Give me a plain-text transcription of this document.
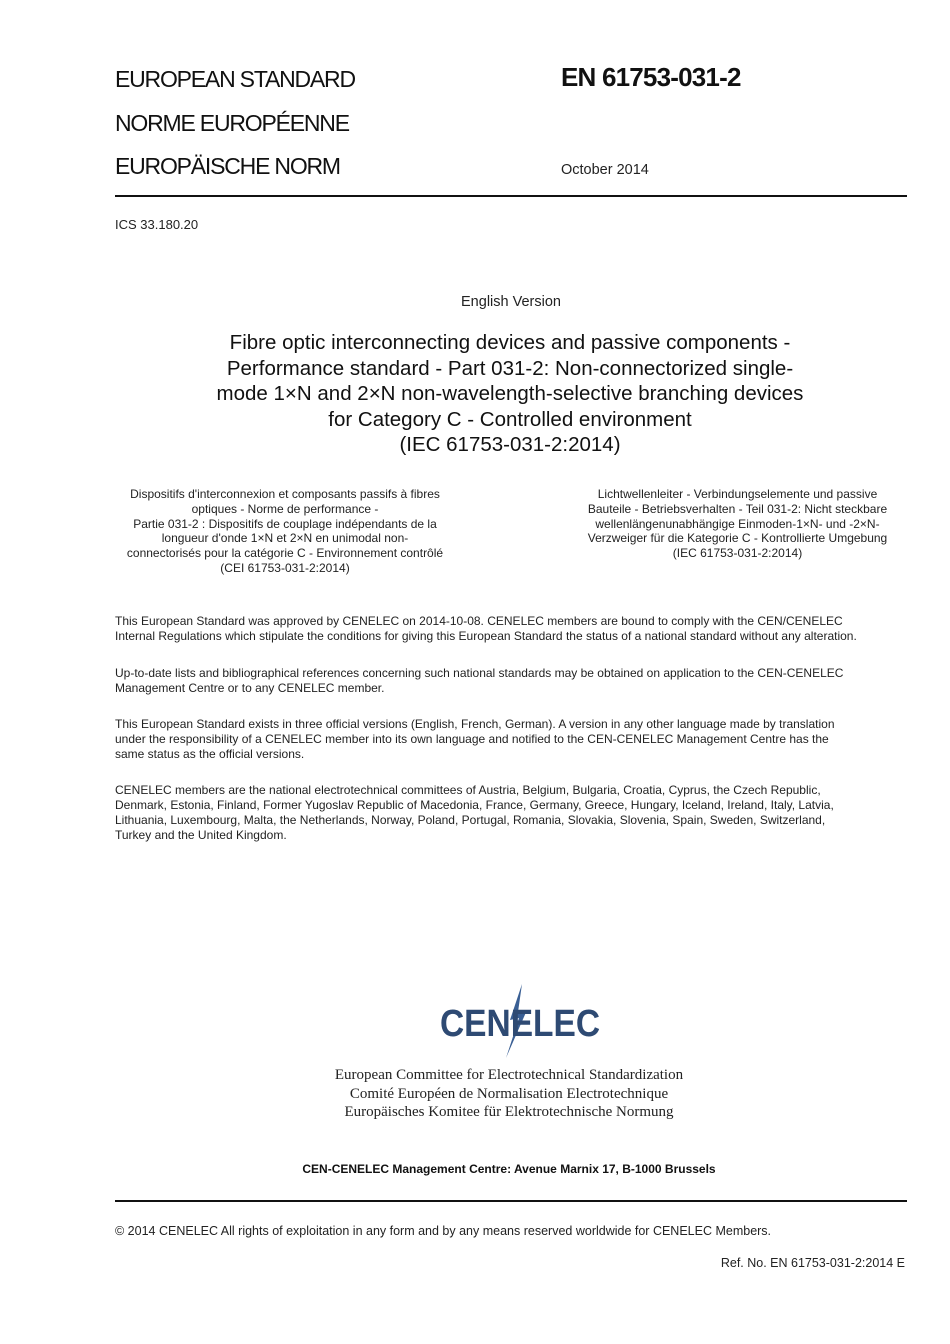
EUROPEAN STANDARD
NORME EUROPÉENNE
EUROPÄISCHE NORM
EN 61753-031-2
October 2014
ICS 33.180.20
English Version
Fibre optic interconnecting devices and passive components -
Performance standard - Part 031-2: Non-connectorized single-
mode 1×N and 2×N non-wavelength-selective branching devices
for Category C - Controlled environment
(IEC 61753-031-2:2014)
Dispositifs d'interconnexion et composants passifs à fibres
optiques - Norme de performance -
Partie 031-2 : Dispositifs de couplage indépendants de la
longueur d'onde 1×N et 2×N en unimodal non-
connectorisés pour la catégorie C - Environnement contrôlé
(CEI 61753-031-2:2014)
Lichtwellenleiter - Verbindungselemente und passive
Bauteile - Betriebsverhalten - Teil 031-2: Nicht steckbare
wellenlängenunabhängige Einmoden-1×N- und -2×N-
Verzweiger für die Kategorie C - Kontrollierte Umgebung
(IEC 61753-031-2:2014)
This European Standard was approved by CENELEC on 2014-10-08. CENELEC members are bound to comply with the CEN/CENELEC
Internal Regulations which stipulate the conditions for giving this European Standard the status of a national standard without any alteration.
Up-to-date lists and bibliographical references concerning such national standards may be obtained on application to the CEN-CENELEC
Management Centre or to any CENELEC member.
This European Standard exists in three official versions (English, French, German). A version in any other language made by translation
under the responsibility of a CENELEC member into its own language and notified to the CEN-CENELEC Management Centre has the
same status as the official versions.
CENELEC members are the national electrotechnical committees of Austria, Belgium, Bulgaria, Croatia, Cyprus, the Czech Republic,
Denmark, Estonia, Finland, Former Yugoslav Republic of Macedonia, France, Germany, Greece, Hungary, Iceland, Ireland, Italy, Latvia,
Lithuania, Luxembourg, Malta, the Netherlands, Norway, Poland, Portugal, Romania, Slovakia, Slovenia, Spain, Sweden, Switzerland,
Turkey and the United Kingdom.
CENELEC
European Committee for Electrotechnical Standardization
Comité Européen de Normalisation Electrotechnique
Europäisches Komitee für Elektrotechnische Normung
CEN-CENELEC Management Centre: Avenue Marnix 17, B-1000 Brussels
© 2014 CENELEC All rights of exploitation in any form and by any means reserved worldwide for CENELEC Members.
Ref. No. EN 61753-031-2:2014 E
